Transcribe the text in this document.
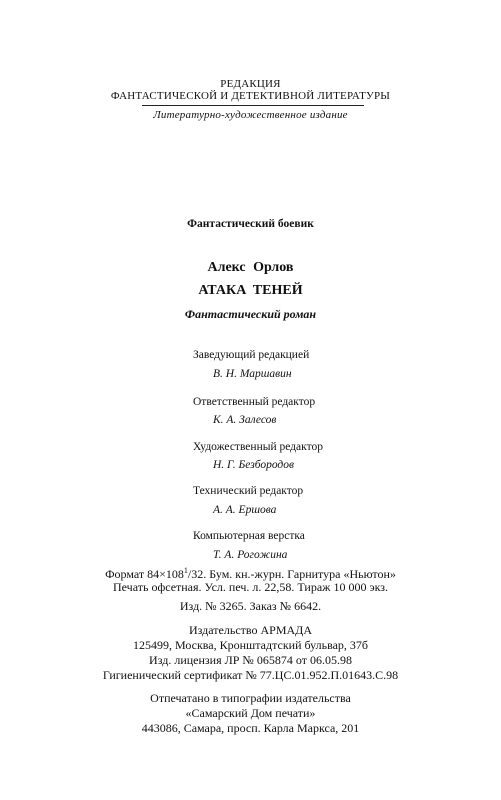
РЕДАКЦИЯ
ФАНТАСТИЧЕСКОЙ И ДЕТЕКТИВНОЙ ЛИТЕРАТУРЫ
Литературно-художественное издание
Фантастический боевик
Алекс Орлов
АТАКА ТЕНЕЙ
Фантастический роман
Заведующий редакцией
В. Н. Маршавин
Ответственный редактор
К. А. Залесов
Художественный редактор
Н. Г. Безбородов
Технический редактор
А. А. Ершова
Компьютерная верстка
Т. А. Рогожина
Формат $84\times 108^1/32$. Бум. кн.-журн. Гарнитура «Ньютон»
Печать офсетная. Усл. печ. л. 22,58. Тираж 10 000 экз.
Изд. № 3265. Заказ № 6642.
Издательство АРМАДА
125499, Москва, Кронштадтский бульвар, 37б
Изд. лицензия ЛР № 065874 от 06.05.98
Гигиенический сертификат № 77.ЦС.01.952.П.01643.С.98
Отпечатано в типографии издательства
«Самарский Дом печати»
443086, Самара, просп. Карла Маркса, 201
